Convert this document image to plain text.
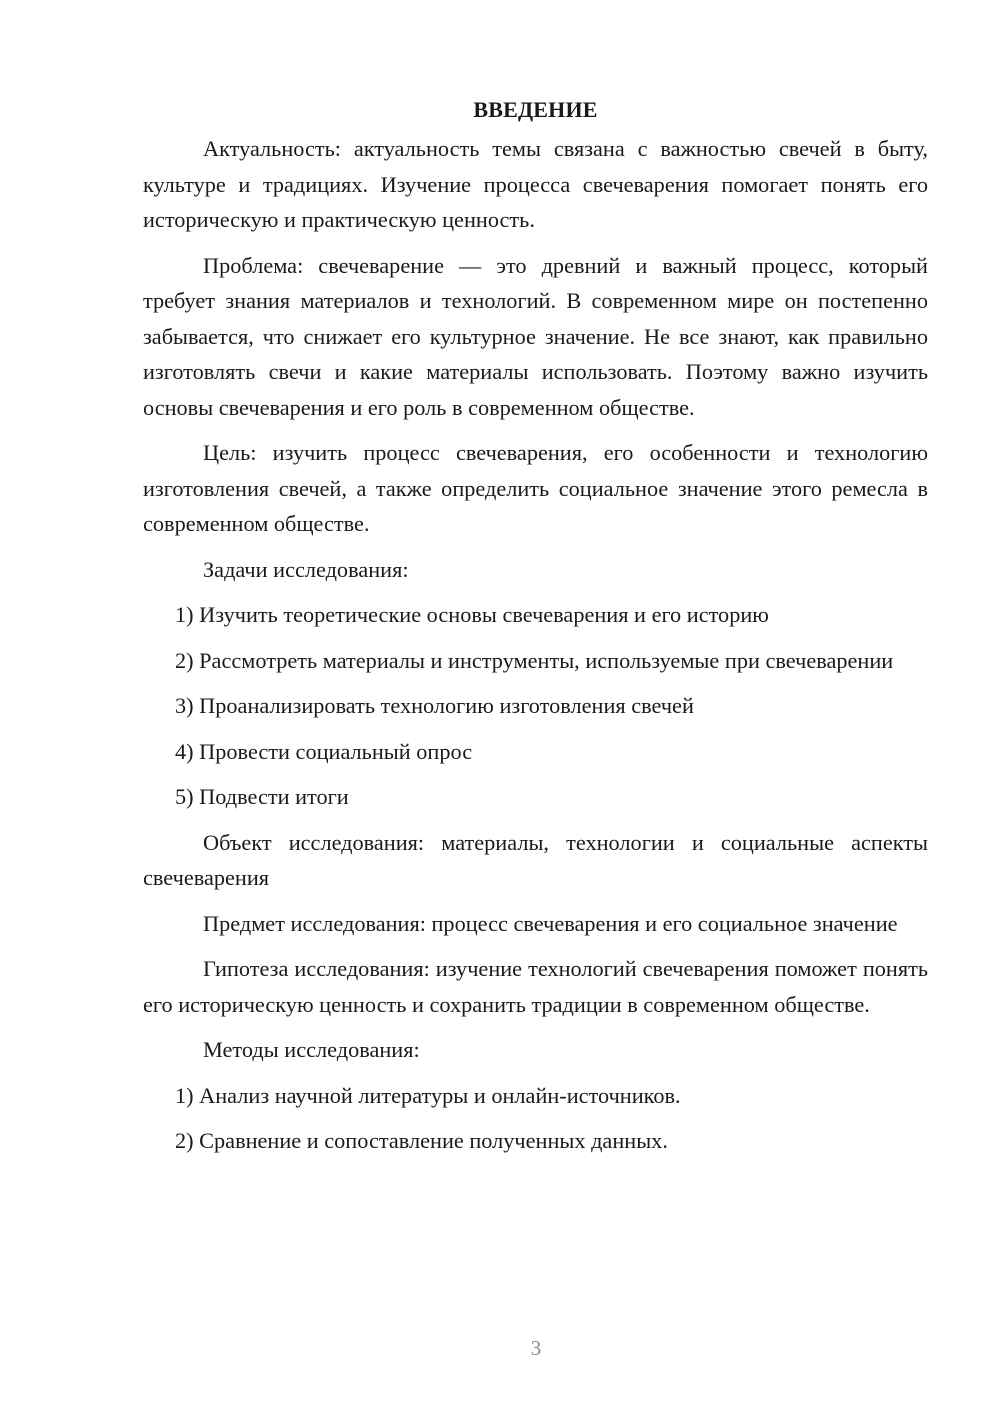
ВВЕДЕНИЕ

Актуальность: актуальность темы связана с важностью свечей в быту, культуре и традициях. Изучение процесса свечеварения помогает понять его историческую и практическую ценность.

Проблема: свечеварение — это древний и важный процесс, который требует знания материалов и технологий. В современном мире он постепенно забывается, что снижает его культурное значение. Не все знают, как правильно изготовлять свечи и какие материалы использовать. Поэтому важно изучить основы свечеварения и его роль в современном обществе.

Цель: изучить процесс свечеварения, его особенности и технологию изготовления свечей, а также определить социальное значение этого ремесла в современном обществе.

Задачи исследования:

1) Изучить теоретические основы свечеварения и его историю

2) Рассмотреть материалы и инструменты, используемые при свечеварении

3) Проанализировать технологию изготовления свечей

4) Провести социальный опрос

5) Подвести итоги

Объект исследования: материалы, технологии и социальные аспекты свечеварения

Предмет исследования: процесс свечеварения и его социальное значение

Гипотеза исследования: изучение технологий свечеварения поможет понять его историческую ценность и сохранить традиции в современном обществе.

Методы исследования:

1) Анализ научной литературы и онлайн-источников.

2) Сравнение и сопоставление полученных данных.

3
